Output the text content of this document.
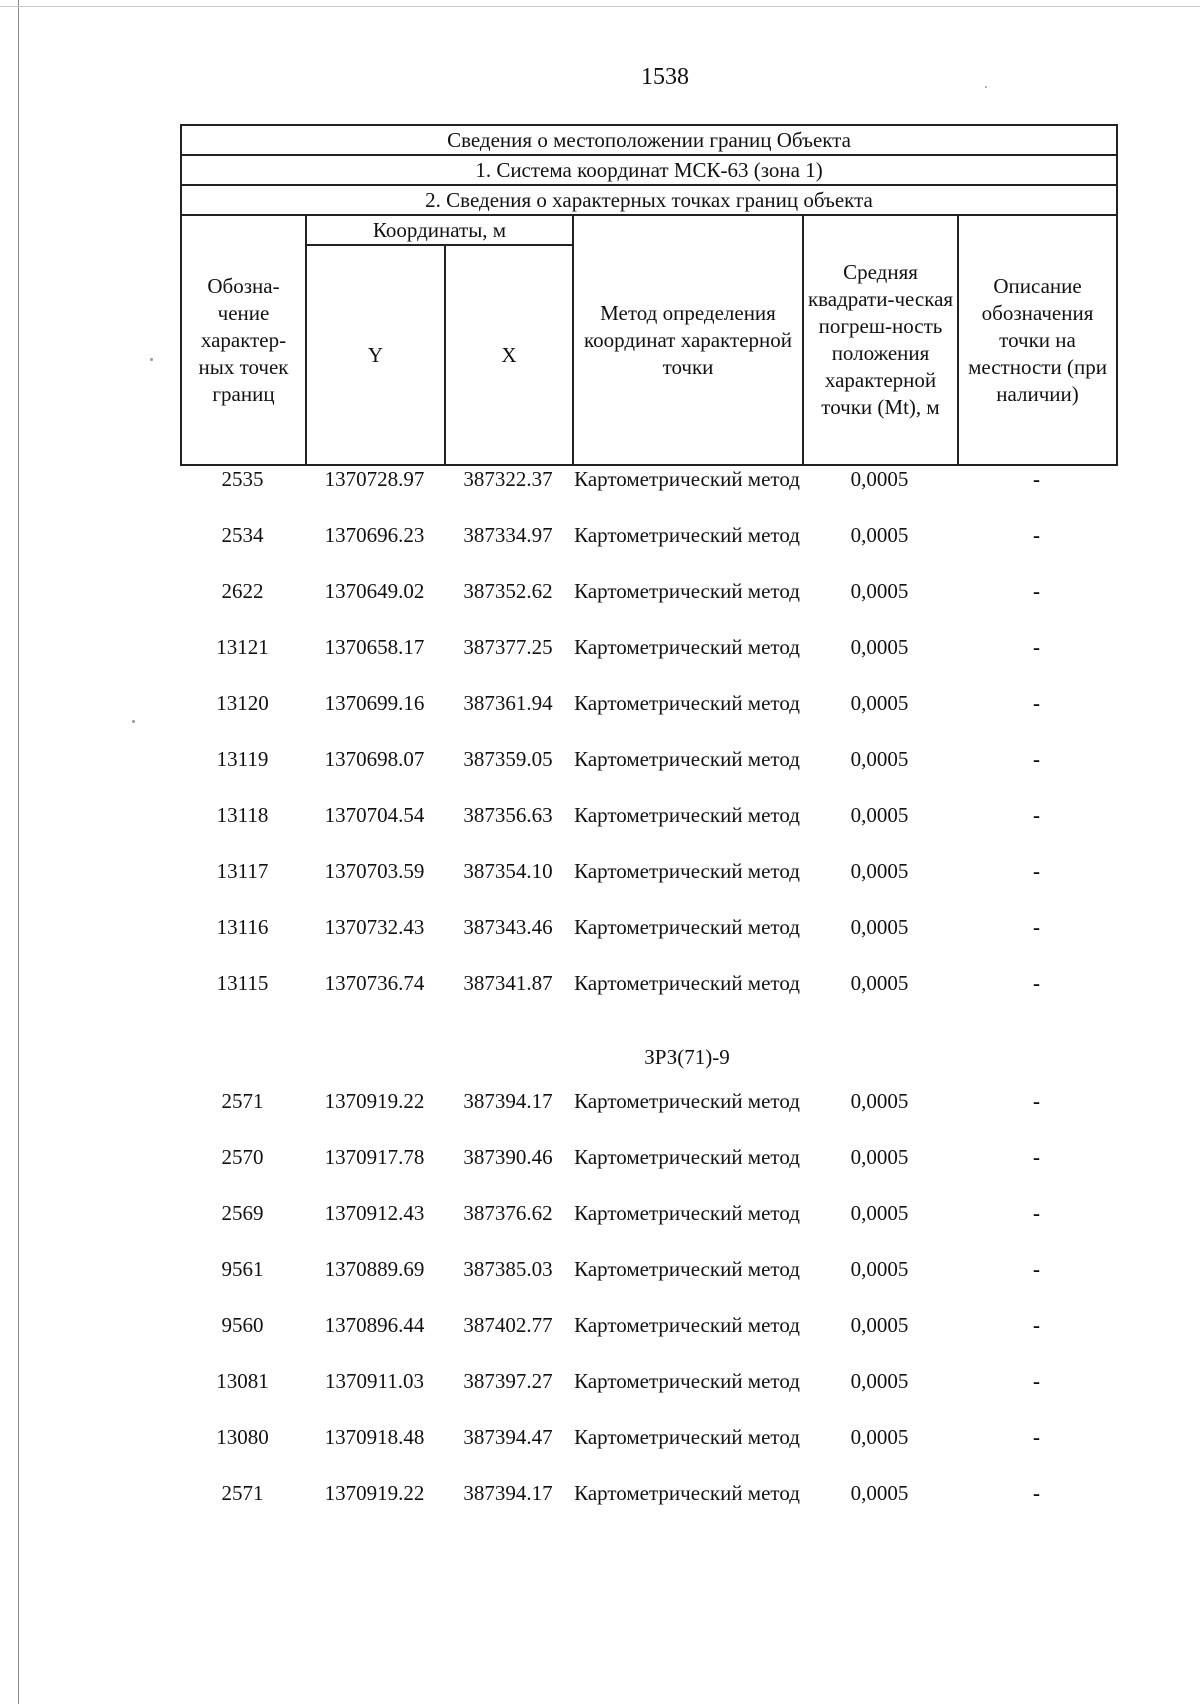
1538
Сведения о местоположении границ Объекта					
1. Система координат МСК-63 (зона 1)					
2. Сведения о характерных точках границ объекта					

Обозна-чение характер-ных точек границ	Координаты, м		Метод определения координат характерной точки	Средняя квадрати-ческая погреш-ность положения характерной точки (Mt), м	Описание обозначения точки на местности (при наличии)

	Y	X			
2535	1370728.97	387322.37	Картометрический метод	0,0005	-
2534	1370696.23	387334.97	Картометрический метод	0,0005	-
2622	1370649.02	387352.62	Картометрический метод	0,0005	-
13121	1370658.17	387377.25	Картометрический метод	0,0005	-
13120	1370699.16	387361.94	Картометрический метод	0,0005	-
13119	1370698.07	387359.05	Картометрический метод	0,0005	-
13118	1370704.54	387356.63	Картометрический метод	0,0005	-
13117	1370703.59	387354.10	Картометрический метод	0,0005	-
13116	1370732.43	387343.46	Картометрический метод	0,0005	-
13115	1370736.74	387341.87	Картометрический метод	0,0005	-
			ЗРЗ(71)-9		
2571	1370919.22	387394.17	Картометрический метод	0,0005	-
2570	1370917.78	387390.46	Картометрический метод	0,0005	-
2569	1370912.43	387376.62	Картометрический метод	0,0005	-
9561	1370889.69	387385.03	Картометрический метод	0,0005	-
9560	1370896.44	387402.77	Картометрический метод	0,0005	-
13081	1370911.03	387397.27	Картометрический метод	0,0005	-
13080	1370918.48	387394.47	Картометрический метод	0,0005	-
2571	1370919.22	387394.17	Картометрический метод	0,0005	-
